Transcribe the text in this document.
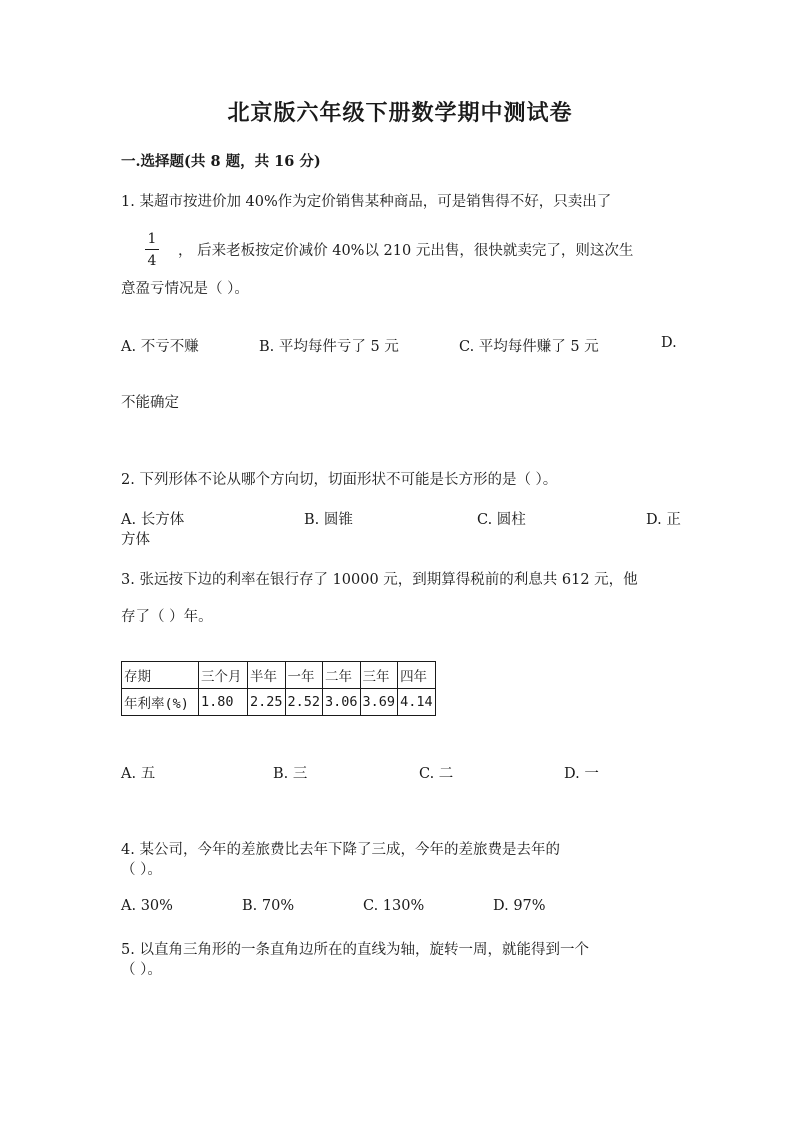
北京版六年级下册数学期中测试卷
一.选择题(共 8 题，共 16 分)
1. 某超市按进价加 40%作为定价销售某种商品，可是销售得不好，只卖出了
1
4
， 后来老板按定价减价 40%以 210 元出售，很快就卖完了，则这次生
意盈亏情况是（ ）。
A. 不亏不赚	B. 平均每件亏了 5 元	C. 平均每件赚了 5 元	D.
不能确定
2. 下列形体不论从哪个方向切，切面形状不可能是长方形的是（ ）。
A. 长方体	B. 圆锥	C. 圆柱	D. 正
方体
3. 张远按下边的利率在银行存了 10000 元，到期算得税前的利息共 612 元，他
存了（ ）年。
存期	三个月	半年	一年	二年	三年	四年
年利率(%)	1.80	2.25	2.52	3.06	3.69	4.14
A. 五	B. 三	C. 二	D. 一
4. 某公司，今年的差旅费比去年下降了三成，今年的差旅费是去年的
（ ）。
A. 30%	B. 70%	C. 130%	D. 97%
5. 以直角三角形的一条直角边所在的直线为轴，旋转一周，就能得到一个
（ ）。
